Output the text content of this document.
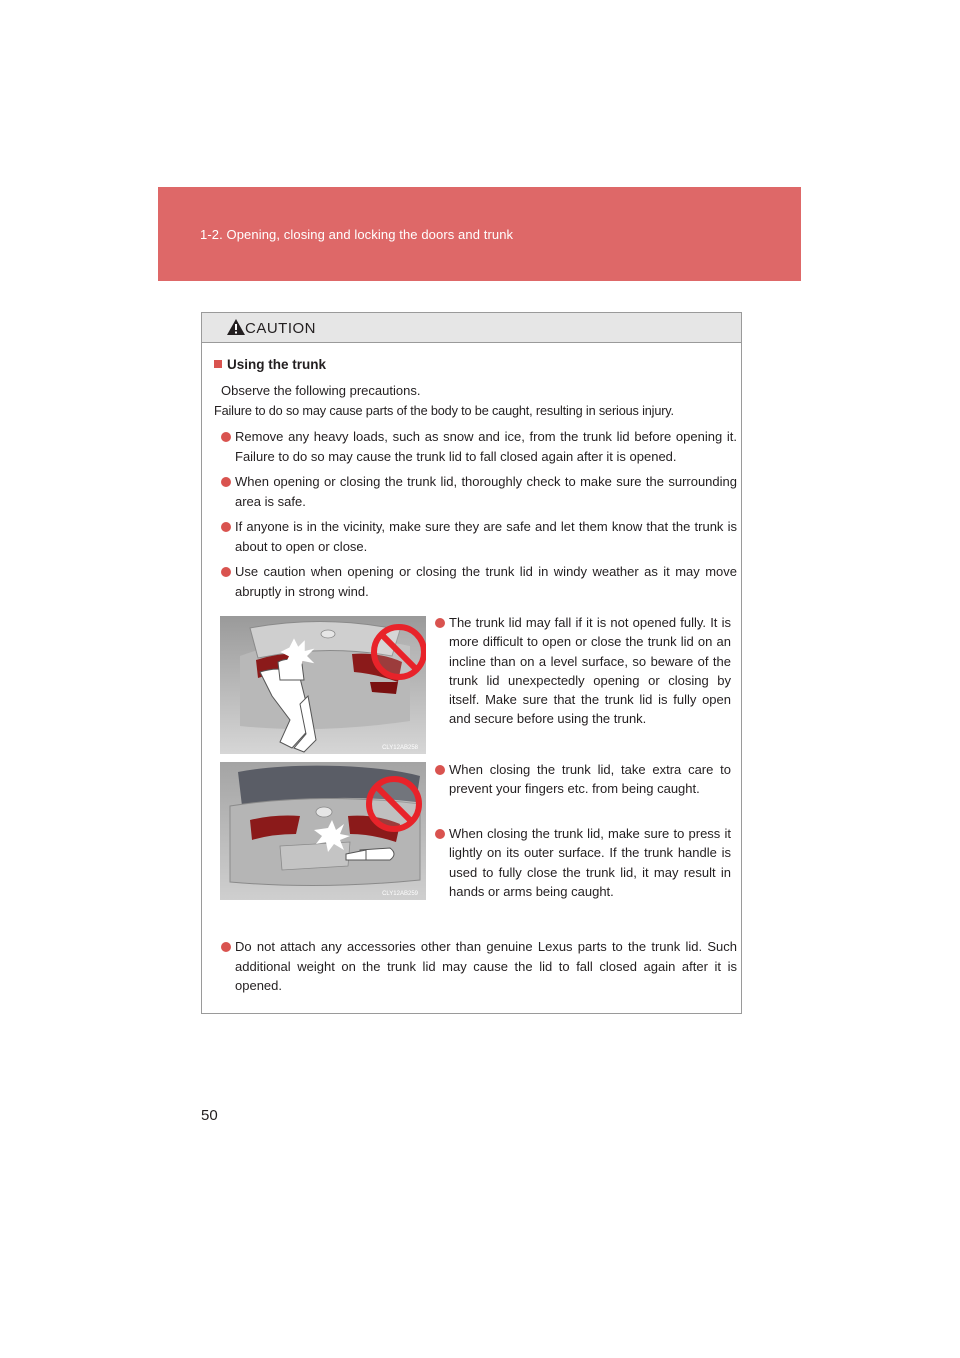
1-2. Opening, closing and locking the doors and trunk
CAUTION
Using the trunk
Observe the following precautions.
Failure to do so may cause parts of the body to be caught, resulting in serious injury.
Remove any heavy loads, such as snow and ice, from the trunk lid before opening it. Failure to do so may cause the trunk lid to fall closed again after it is opened.
When opening or closing the trunk lid, thoroughly check to make sure the surrounding area is safe.
If anyone is in the vicinity, make sure they are safe and let them know that the trunk is about to open or close.
Use caution when opening or closing the trunk lid in windy weather as it may move abruptly in strong wind.
CLY12AB258
The trunk lid may fall if it is not opened fully. It is more difficult to open or close the trunk lid on an incline than on a level surface, so beware of the trunk lid unexpectedly opening or closing by itself. Make sure that the trunk lid is fully open and secure before using the trunk.
CLY12AB259
When closing the trunk lid, take extra care to prevent your fingers etc. from being caught.
When closing the trunk lid, make sure to press it lightly on its outer surface. If the trunk handle is used to fully close the trunk lid, it may result in hands or arms being caught.
Do not attach any accessories other than genuine Lexus parts to the trunk lid. Such additional weight on the trunk lid may cause the lid to fall closed again after it is opened.
50
